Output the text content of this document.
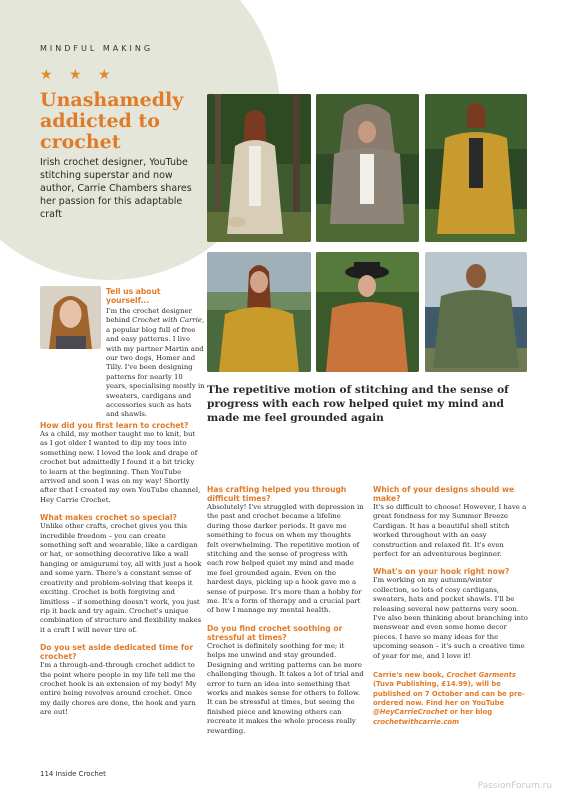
MINDFUL MAKING
★ ★ ★
Unashamedly addicted to crochet
Irish crochet designer, YouTube stitching superstar and now author, Carrie Chambers shares her passion for this adaptable craft
Tell us about yourself...
I'm the crochet designer behind Crochet with Carrie, a popular blog full of free and easy patterns. I live with my partner Martin and our two dogs, Homer and Tilly. I've been designing patterns for nearly 10 years, specialising mostly in sweaters, cardigans and accessories such as hats and shawls.
How did you first learn to crochet?
As a child, my mother taught me to knit, but as I got older I wanted to dip my toes into something new. I loved the look and drape of crochet but admittedly I found it a bit tricky to learn at the beginning. Then YouTube arrived and soon I was on my way! Shortly after that I created my own YouTube channel, Hey Carrie Crochet.
What makes crochet so special?
Unlike other crafts, crochet gives you this incredible freedom – you can create something soft and wearable, like a cardigan or hat, or something decorative like a wall hanging or amigurumi toy, all with just a hook and some yarn. There's a constant sense of creativity and problem-solving that keeps it exciting. Crochet is both forgiving and limitless – if something doesn't work, you just rip it back and try again. Crochet's unique combination of structure and flexibility makes it a craft I will never tire of.
Do you set aside dedicated time for crochet?
I'm a through-and-through crochet addict to the point where people in my life tell me the crochet hook is an extension of my body! My entire being revolves around crochet. Once my daily chores are done, the hook and yarn are out!
The repetitive motion of stitching and the sense of progress with each row helped quiet my mind and made me feel grounded again
Has crafting helped you through difficult times?
Absolutely! I've struggled with depression in the past and crochet became a lifeline during those darker periods. It gave me something to focus on when my thoughts felt overwhelming. The repetitive motion of stitching and the sense of progress with each row helped quiet my mind and made me feel grounded again. Even on the hardest days, picking up a hook gave me a sense of purpose. It's more than a hobby for me. It's a form of therapy and a crucial part of how I manage my mental health.
Do you find crochet soothing or stressful at times?
Crochet is definitely soothing for me; it helps me unwind and stay grounded. Designing and writing patterns can be more challenging though. It takes a lot of trial and error to turn an idea into something that works and makes sense for others to follow. It can be stressful at times, but seeing the finished piece and knowing others can recreate it makes the whole process really rewarding.
Which of your designs should we make?
It's so difficult to choose! However, I have a great fondness for my Summer Breeze Cardigan. It has a beautiful shell stitch worked throughout with an easy construction and relaxed fit. It's even perfect for an adventurous beginner.
What's on your hook right now?
I'm working on my autumn/winter collection, so lots of cosy cardigans, sweaters, hats and pocket shawls. I'll be releasing several new patterns very soon. I've also been thinking about branching into menswear and even some home decor pieces. I have so many ideas for the upcoming season – it's such a creative time of year for me, and I love it!
Carrie's new book, Crochet Garments (Tuva Publishing, £14.99), will be published on 7 October and can be pre-ordered now. Find her on YouTube @HeyCarrieCrochet or her blog crochetwithcarrie.com
114 Inside Crochet
PassionForum.ru
